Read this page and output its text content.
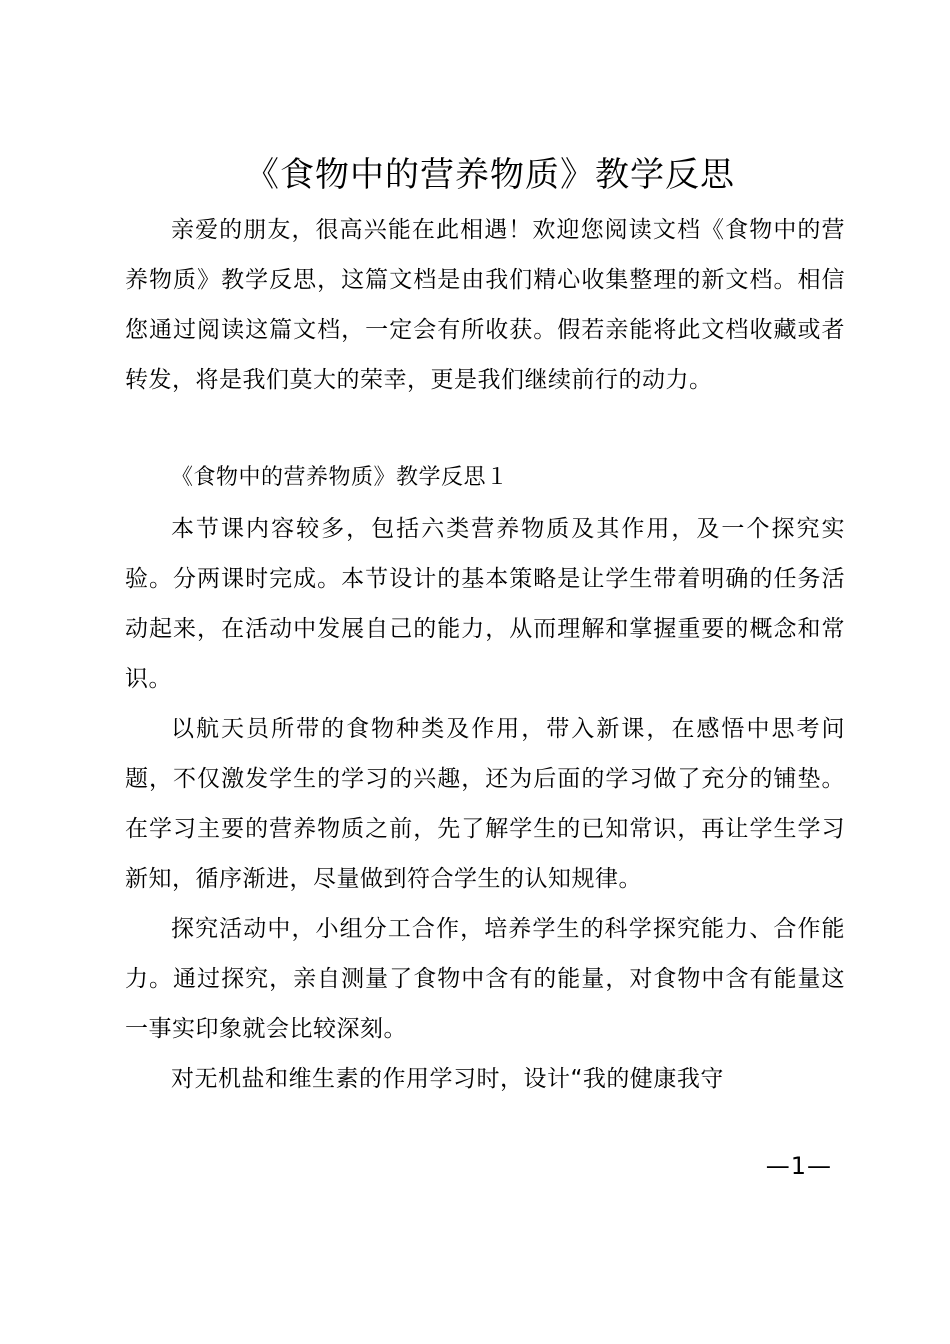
《食物中的营养物质》教学反思

亲爱的朋友，很高兴能在此相遇！欢迎您阅读文档《食物中的营养物质》教学反思，这篇文档是由我们精心收集整理的新文档。相信您通过阅读这篇文档，一定会有所收获。假若亲能将此文档收藏或者转发，将是我们莫大的荣幸，更是我们继续前行的动力。

《食物中的营养物质》教学反思１

本节课内容较多，包括六类营养物质及其作用，及一个探究实验。分两课时完成。本节设计的基本策略是让学生带着明确的任务活动起来，在活动中发展自己的能力，从而理解和掌握重要的概念和常识。

以航天员所带的食物种类及作用，带入新课，在感悟中思考问题，不仅激发学生的学习的兴趣，还为后面的学习做了充分的铺垫。在学习主要的营养物质之前，先了解学生的已知常识，再让学生学习新知，循序渐进，尽量做到符合学生的认知规律。

探究活动中，小组分工合作，培养学生的科学探究能力、合作能力。通过探究，亲自测量了食物中含有的能量，对食物中含有能量这一事实印象就会比较深刻。

对无机盐和维生素的作用学习时，设计“我的健康我守

—1—
